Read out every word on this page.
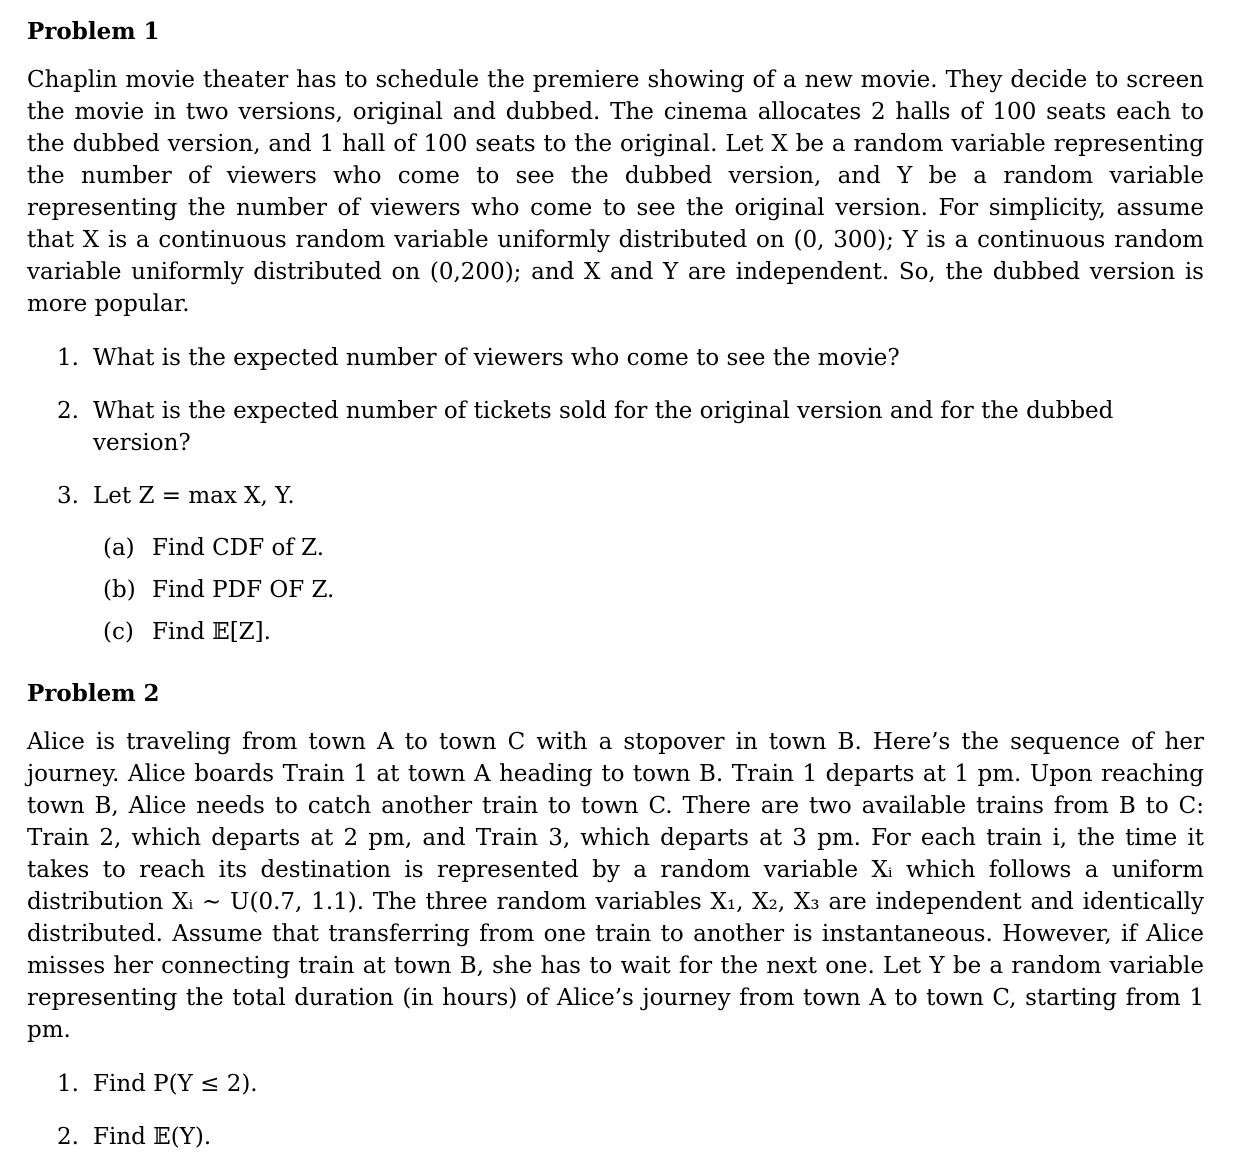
Problem 1

Chaplin movie theater has to schedule the premiere showing of a new movie. They decide to screen the movie in two versions, original and dubbed. The cinema allocates 2 halls of 100 seats each to the dubbed version, and 1 hall of 100 seats to the original. Let X be a random variable representing the number of viewers who come to see the dubbed version, and Y be a random variable representing the number of viewers who come to see the original version. For simplicity, assume that X is a continuous random variable uniformly distributed on (0, 300); Y is a continuous random variable uniformly distributed on (0,200); and X and Y are independent. So, the dubbed version is more popular.

1. What is the expected number of viewers who come to see the movie?
2. What is the expected number of tickets sold for the original version and for the dubbed version?
3. Let Z = max X, Y.
(a) Find CDF of Z.
(b) Find PDF OF Z.
(c) Find 𝔼[Z].
Problem 2

Alice is traveling from town A to town C with a stopover in town B. Here’s the sequence of her journey. Alice boards Train 1 at town A heading to town B. Train 1 departs at 1 pm. Upon reaching town B, Alice needs to catch another train to town C. There are two available trains from B to C: Train 2, which departs at 2 pm, and Train 3, which departs at 3 pm. For each train i, the time it takes to reach its destination is represented by a random variable Xᵢ which follows a uniform distribution Xᵢ ∼ U(0.7, 1.1). The three random variables X₁, X₂, X₃ are independent and identically distributed. Assume that transferring from one train to another is instantaneous. However, if Alice misses her connecting train at town B, she has to wait for the next one. Let Y be a random variable representing the total duration (in hours) of Alice’s journey from town A to town C, starting from 1 pm.

1. Find P(Y ≤ 2).
2. Find 𝔼(Y).
